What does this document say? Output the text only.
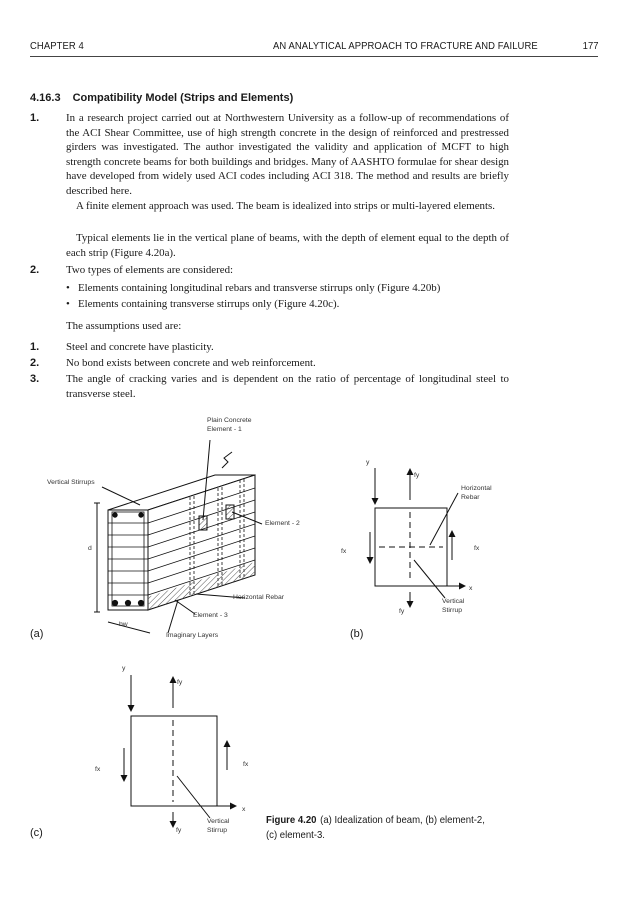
CHAPTER 4	AN ANALYTICAL APPROACH TO FRACTURE AND FAILURE	177
4.16.3 Compatibility Model (Strips and Elements)
1. In a research project carried out at Northwestern University as a follow-up of recommendations of the ACI Shear Committee, use of high strength concrete in the design of reinforced and prestressed girders was investigated. The author investigated the validity and application of MCFT to high strength concrete beams for both buildings and bridges. Many of AASHTO formulae for shear design have developed from widely used ACI codes including ACI 318. The method and results are briefly described here.

A finite element approach was used. The beam is idealized into strips or multi-layered elements.

Typical elements lie in the vertical plane of beams, with the depth of element equal to the depth of each strip (Figure 4.20a).

2. Two types of elements are considered:

• Elements containing longitudinal rebars and transverse stirrups only (Figure 4.20b)
• Elements containing transverse stirrups only (Figure 4.20c).

The assumptions used are:

1. Steel and concrete have plasticity.

2. No bond exists between concrete and web reinforcement.

3. The angle of cracking varies and is dependent on the ratio of percentage of longitudinal steel to transverse steel.

Plain Concrete
Element - 1
Vertical Stirrups
Element - 2
d
Horizontal Rebar
Element - 3
bw
Imaginary Layers
y
fy
Horizontal
Rebar
fx	fx
x
Vertical
Stirrup
fy
y
fy
fx
fx
x
Vertical
Stirrup
fy
(a)	(b)
(c)
Figure 4.20 (a) Idealization of beam, (b) element-2, (c) element-3.
